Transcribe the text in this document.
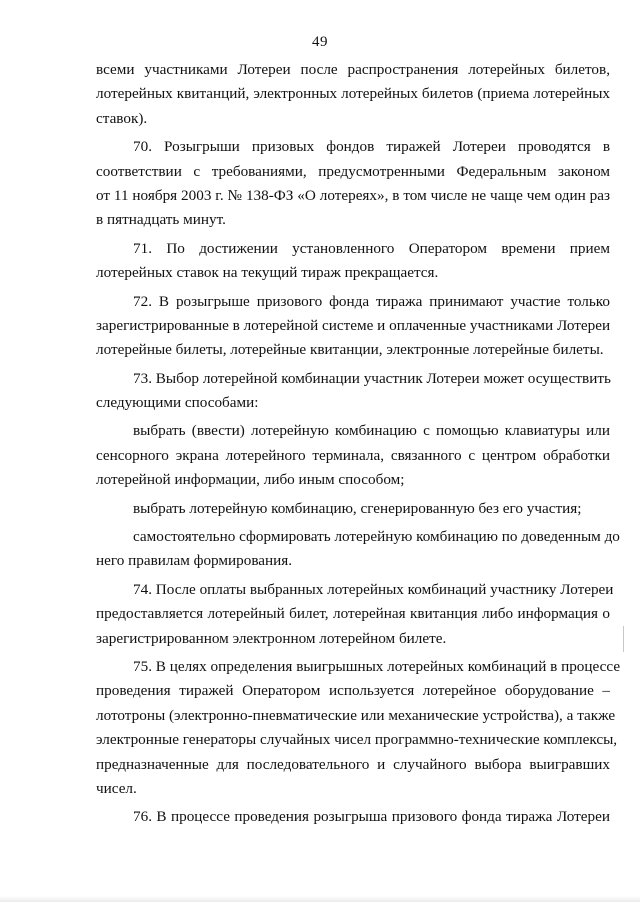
49
всеми участниками Лотереи после распространения лотерейных билетов,
лотерейных квитанций, электронных лотерейных билетов (приема лотерейных
ставок).
70. Розыгрыши призовых фондов тиражей Лотереи проводятся в
соответствии с требованиями, предусмотренными Федеральным законом
от 11 ноября 2003 г. № 138-ФЗ «О лотереях», в том числе не чаще чем один раз
в пятнадцать минут.
71. По достижении установленного Оператором времени прием
лотерейных ставок на текущий тираж прекращается.
72. В розыгрыше призового фонда тиража принимают участие только
зарегистрированные в лотерейной системе и оплаченные участниками Лотереи
лотерейные билеты, лотерейные квитанции, электронные лотерейные билеты.
73. Выбор лотерейной комбинации участник Лотереи может осуществить
следующими способами:
выбрать (ввести) лотерейную комбинацию с помощью клавиатуры или
сенсорного экрана лотерейного терминала, связанного с центром обработки
лотерейной информации, либо иным способом;
выбрать лотерейную комбинацию, сгенерированную без его участия;
самостоятельно сформировать лотерейную комбинацию по доведенным до
него правилам формирования.
74. После оплаты выбранных лотерейных комбинаций участнику Лотереи
предоставляется лотерейный билет, лотерейная квитанция либо информация о
зарегистрированном электронном лотерейном билете.
75. В целях определения выигрышных лотерейных комбинаций в процессе
проведения тиражей Оператором используется лотерейное оборудование –
лототроны (электронно-пневматические или механические устройства), а также
электронные генераторы случайных чисел программно-технические комплексы,
предназначенные для последовательного и случайного выбора выигравших
чисел.
76. В процессе проведения розыгрыша призового фонда тиража Лотереи
